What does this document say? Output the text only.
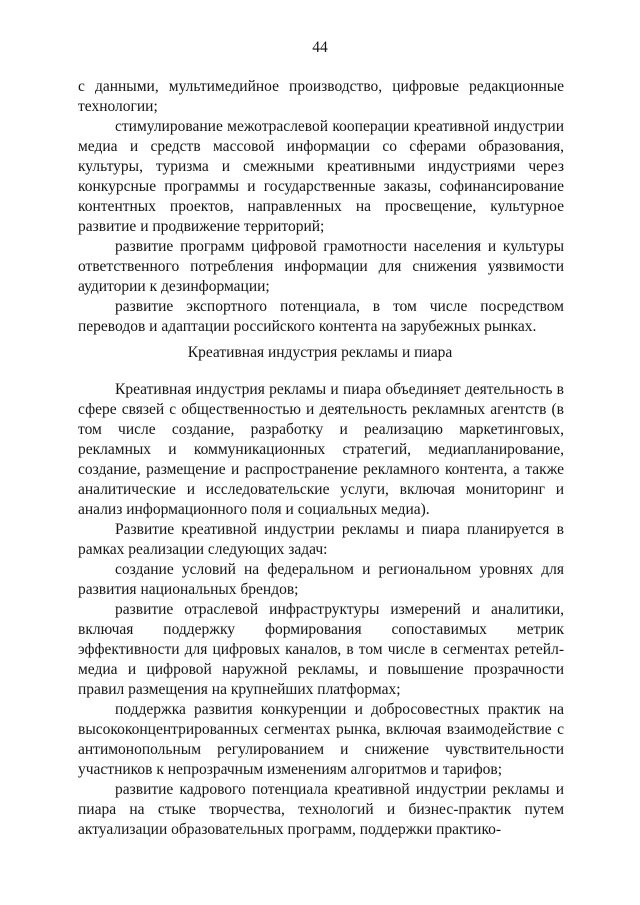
44

с данными, мультимедийное производство, цифровые редакционные технологии;

стимулирование межотраслевой кооперации креативной индустрии медиа и средств массовой информации со сферами образования, культуры, туризма и смежными креативными индустриями через конкурсные программы и государственные заказы, софинансирование контентных проектов, направленных на просвещение, культурное развитие и продвижение территорий;

развитие программ цифровой грамотности населения и культуры ответственного потребления информации для снижения уязвимости аудитории к дезинформации;

развитие экспортного потенциала, в том числе посредством переводов и адаптации российского контента на зарубежных рынках.

Креативная индустрия рекламы и пиара

Креативная индустрия рекламы и пиара объединяет деятельность в сфере связей с общественностью и деятельность рекламных агентств (в том числе создание, разработку и реализацию маркетинговых, рекламных и коммуникационных стратегий, медиапланирование, создание, размещение и распространение рекламного контента, а также аналитические и исследовательские услуги, включая мониторинг и анализ информационного поля и социальных медиа).

Развитие креативной индустрии рекламы и пиара планируется в рамках реализации следующих задач:

создание условий на федеральном и региональном уровнях для развития национальных брендов;

развитие отраслевой инфраструктуры измерений и аналитики, включая поддержку формирования сопоставимых метрик эффективности для цифровых каналов, в том числе в сегментах ретейл-медиа и цифровой наружной рекламы, и повышение прозрачности правил размещения на крупнейших платформах;

поддержка развития конкуренции и добросовестных практик на высококонцентрированных сегментах рынка, включая взаимодействие с антимонопольным регулированием и снижение чувствительности участников к непрозрачным изменениям алгоритмов и тарифов;

развитие кадрового потенциала креативной индустрии рекламы и пиара на стыке творчества, технологий и бизнес-практик путем актуализации образовательных программ, поддержки практико-
